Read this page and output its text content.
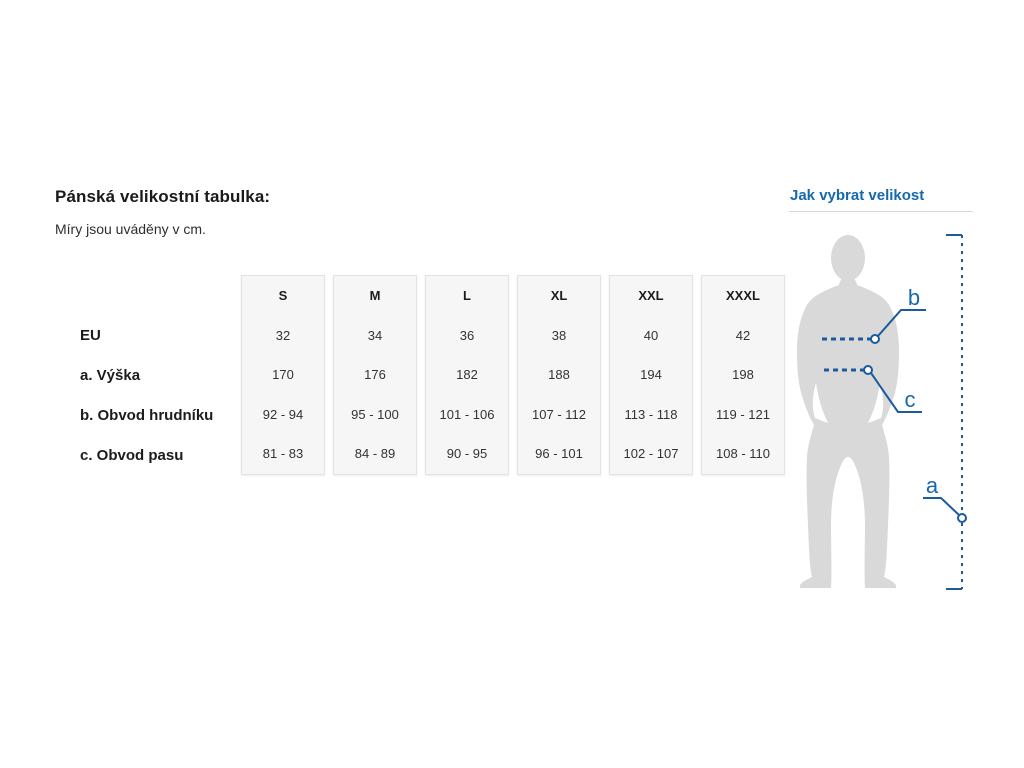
Pánská velikostní tabulka:

Míry jsou uváděny v cm.

EU
a. Výška
b. Obvod hrudníku
c. Obvod pasu
S
32
170
92 - 94
81 - 83
M
34
176
95 - 100
84 - 89
L
36
182
101 - 106
90 - 95
XL
38
188
107 - 112
96 - 101
XXL
40
194
113 - 118
102 - 107
XXXL
42
198
119 - 121
108 - 110
Jak vybrat velikost
b
c
a
